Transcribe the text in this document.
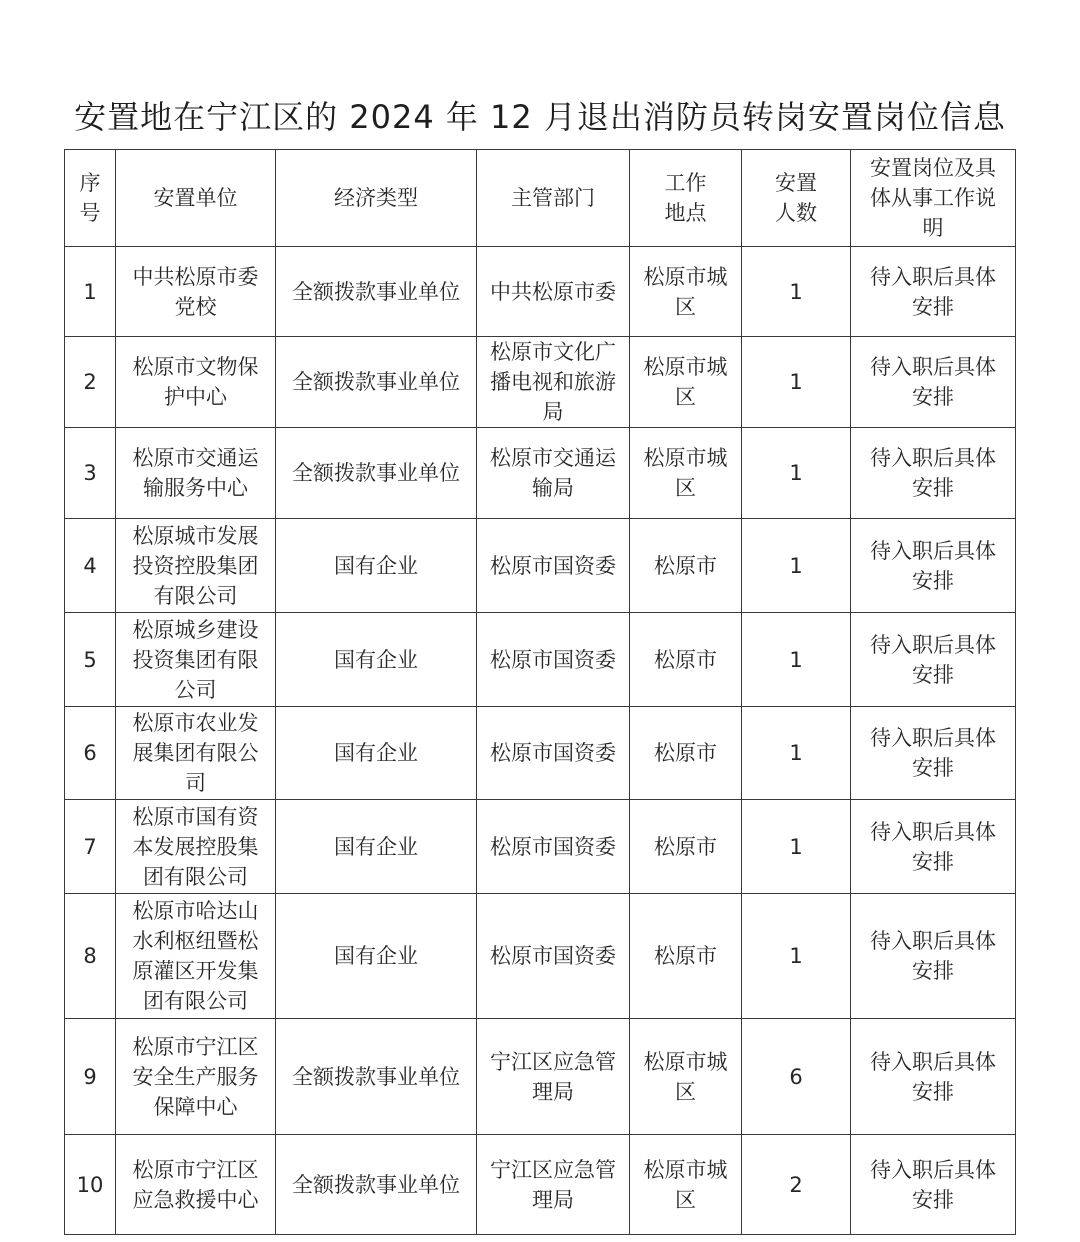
安置地在宁江区的 2024 年 12 月退出消防员转岗安置岗位信息
序号	安置单位	经济类型	主管部门	工作地点	安置人数	安置岗位及具体从事工作说明
1	中共松原市委党校	全额拨款事业单位	中共松原市委	松原市城区	1	待入职后具体安排
2	松原市文物保护中心	全额拨款事业单位	松原市文化广播电视和旅游局	松原市城区	1	待入职后具体安排
3	松原市交通运输服务中心	全额拨款事业单位	松原市交通运输局	松原市城区	1	待入职后具体安排
4	松原城市发展投资控股集团有限公司	国有企业	松原市国资委	松原市	1	待入职后具体安排
5	松原城乡建设投资集团有限公司	国有企业	松原市国资委	松原市	1	待入职后具体安排
6	松原市农业发展集团有限公司	国有企业	松原市国资委	松原市	1	待入职后具体安排
7	松原市国有资本发展控股集团有限公司	国有企业	松原市国资委	松原市	1	待入职后具体安排
8	松原市哈达山水利枢纽暨松原灌区开发集团有限公司	国有企业	松原市国资委	松原市	1	待入职后具体安排
9	松原市宁江区安全生产服务保障中心	全额拨款事业单位	宁江区应急管理局	松原市城区	6	待入职后具体安排
10	松原市宁江区应急救援中心	全额拨款事业单位	宁江区应急管理局	松原市城区	2	待入职后具体安排
